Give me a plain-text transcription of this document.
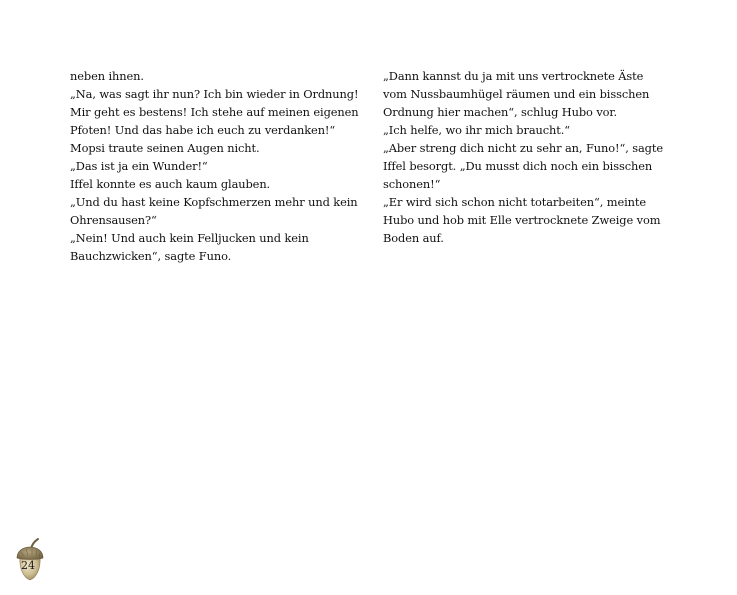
neben ihnen.
„Na, was sagt ihr nun? Ich bin wieder in Ordnung!
Mir geht es bestens! Ich stehe auf meinen eigenen
Pfoten! Und das habe ich euch zu verdanken!“
Mopsi traute seinen Augen nicht.
„Das ist ja ein Wunder!“
Iffel konnte es auch kaum glauben.
„Und du hast keine Kopfschmerzen mehr und kein
Ohrensausen?“
„Nein! Und auch kein Felljucken und kein
Bauchzwicken“, sagte Funo.
„Dann kannst du ja mit uns vertrocknete Äste
vom Nussbaumhügel räumen und ein bisschen
Ordnung hier machen“, schlug Hubo vor.
„Ich helfe, wo ihr mich braucht.“
„Aber streng dich nicht zu sehr an, Funo!“, sagte
Iffel besorgt. „Du musst dich noch ein bisschen
schonen!“
„Er wird sich schon nicht totarbeiten“, meinte
Hubo und hob mit Elle vertrocknete Zweige vom
Boden auf.
24
